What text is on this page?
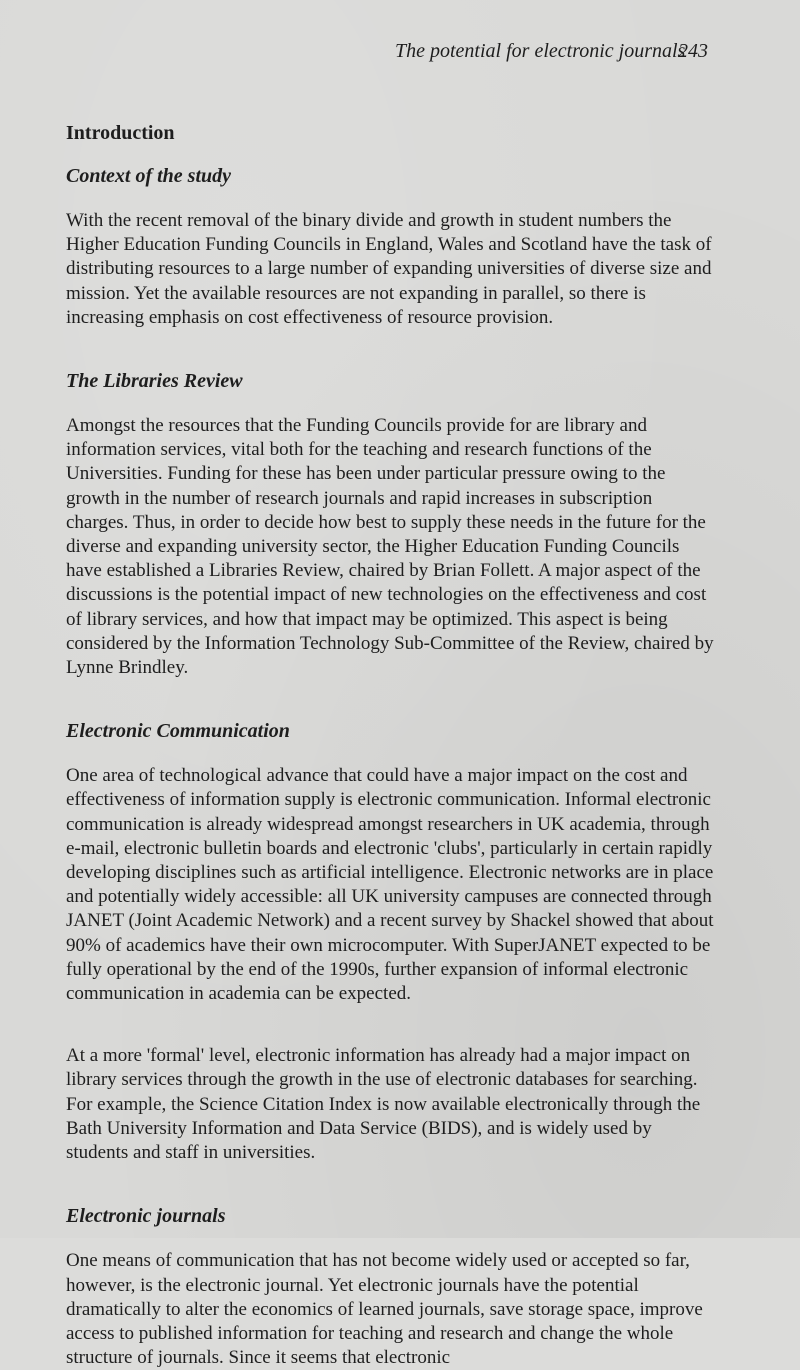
The potential for electronic journals
243
Introduction
Context of the study

With the recent removal of the binary divide and growth in student numbers the Higher Education Funding Councils in England, Wales and Scotland have the task of distributing resources to a large number of expanding universities of diverse size and mission. Yet the available resources are not expanding in parallel, so there is increasing emphasis on cost effectiveness of resource provision.

The Libraries Review

Amongst the resources that the Funding Councils provide for are library and information services, vital both for the teaching and research functions of the Universities. Funding for these has been under particular pressure owing to the growth in the number of research journals and rapid increases in subscription charges. Thus, in order to decide how best to supply these needs in the future for the diverse and expanding university sector, the Higher Education Funding Councils have established a Libraries Review, chaired by Brian Follett. A major aspect of the discussions is the potential impact of new technologies on the effectiveness and cost of library services, and how that impact may be optimized. This aspect is being considered by the Information Technology Sub-Committee of the Review, chaired by Lynne Brindley.

Electronic Communication

One area of technological advance that could have a major impact on the cost and effectiveness of information supply is electronic communication. Informal electronic communication is already widespread amongst researchers in UK academia, through e-mail, electronic bulletin boards and electronic 'clubs', particularly in certain rapidly developing disciplines such as artificial intelligence. Electronic networks are in place and potentially widely accessible: all UK university campuses are connected through JANET (Joint Academic Network) and a recent survey by Shackel showed that about 90% of academics have their own microcomputer. With SuperJANET expected to be fully operational by the end of the 1990s, further expansion of informal electronic communication in academia can be expected.

At a more 'formal' level, electronic information has already had a major impact on library services through the growth in the use of electronic databases for searching. For example, the Science Citation Index is now available electronically through the Bath University Information and Data Service (BIDS), and is widely used by students and staff in universities.

Electronic journals

One means of communication that has not become widely used or accepted so far, however, is the electronic journal. Yet electronic journals have the potential dramatically to alter the economics of learned journals, save storage space, improve access to published information for teaching and research and change the whole structure of journals. Since it seems that electronic
